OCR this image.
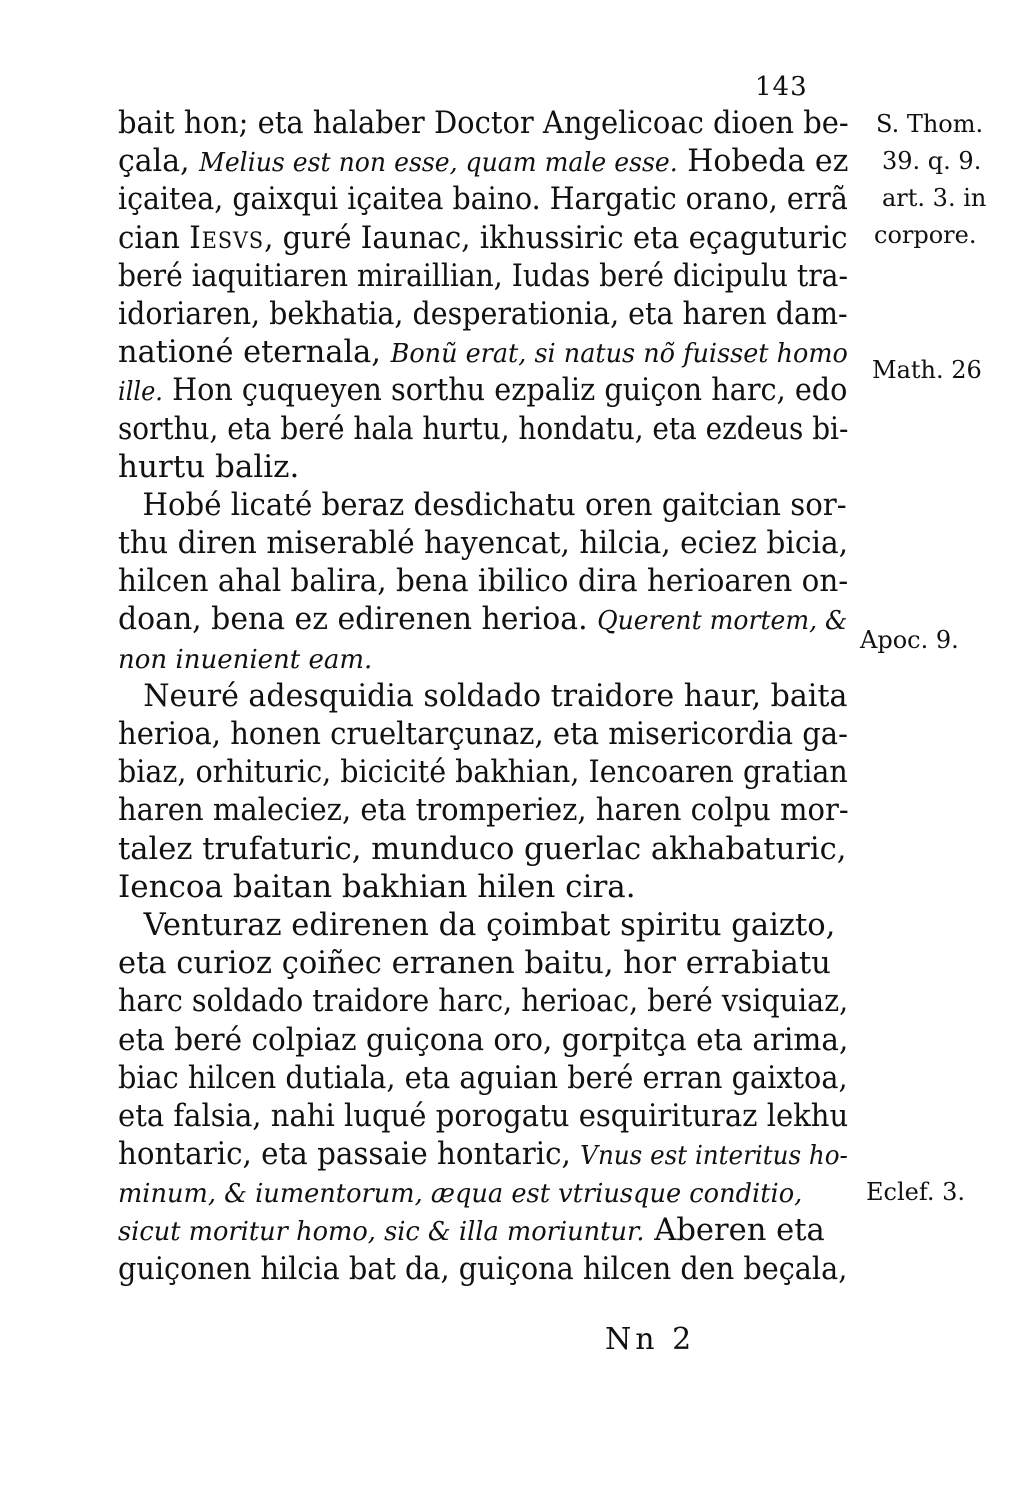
143
bait hon; eta halaber Doctor Angelicoac dioen be-
çala, Melius est non esse, quam male esse. Hobeda ez
içaitea, gaixqui içaitea baino. Hargatic orano, errã
cian Iesvs, guré Iaunac, ikhussiric eta eçaguturic
beré iaquitiaren miraillian, Iudas beré dicipulu tra-
idoriaren, bekhatia, desperationia, eta haren dam-
nationé eternala, Bonũ erat, si natus nõ fuisset homo
ille. Hon çuqueyen sorthu ezpaliz guiçon harc, edo
sorthu, eta beré hala hurtu, hondatu, eta ezdeus bi-
hurtu baliz.
Hobé licaté beraz desdichatu oren gaitcian sor-
thu diren miserablé hayencat, hilcia, eciez bicia,
hilcen ahal balira, bena ibilico dira herioaren on-
doan, bena ez edirenen herioa. Querent mortem, &
non inuenient eam.
Neuré adesquidia soldado traidore haur, baita
herioa, honen crueltarçunaz, eta misericordia ga-
biaz, orhituric, bicicité bakhian, Iencoaren gratian
haren maleciez, eta tromperiez, haren colpu mor-
talez trufaturic, munduco guerlac akhabaturic,
Iencoa baitan bakhian hilen cira.
Venturaz edirenen da çoimbat spiritu gaizto,
eta curioz çoiñec erranen baitu, hor errabiatu
harc soldado traidore harc, herioac, beré vsiquiaz,
eta beré colpiaz guiçona oro, gorpitça eta arima,
biac hilcen dutiala, eta aguian beré erran gaixtoa,
eta falsia, nahi luqué porogatu esquirituraz lekhu
hontaric, eta passaie hontaric, Vnus est interitus ho-
minum, & iumentorum, æqua est vtriusque conditio,
sicut moritur homo, sic & illa moriuntur. Aberen eta
guiçonen hilcia bat da, guiçona hilcen den beçala,
S. Thom.
39. q. 9.
art. 3. in
corpore.
Math. 26
Apoc. 9.
Eclef. 3.
Nn 2
